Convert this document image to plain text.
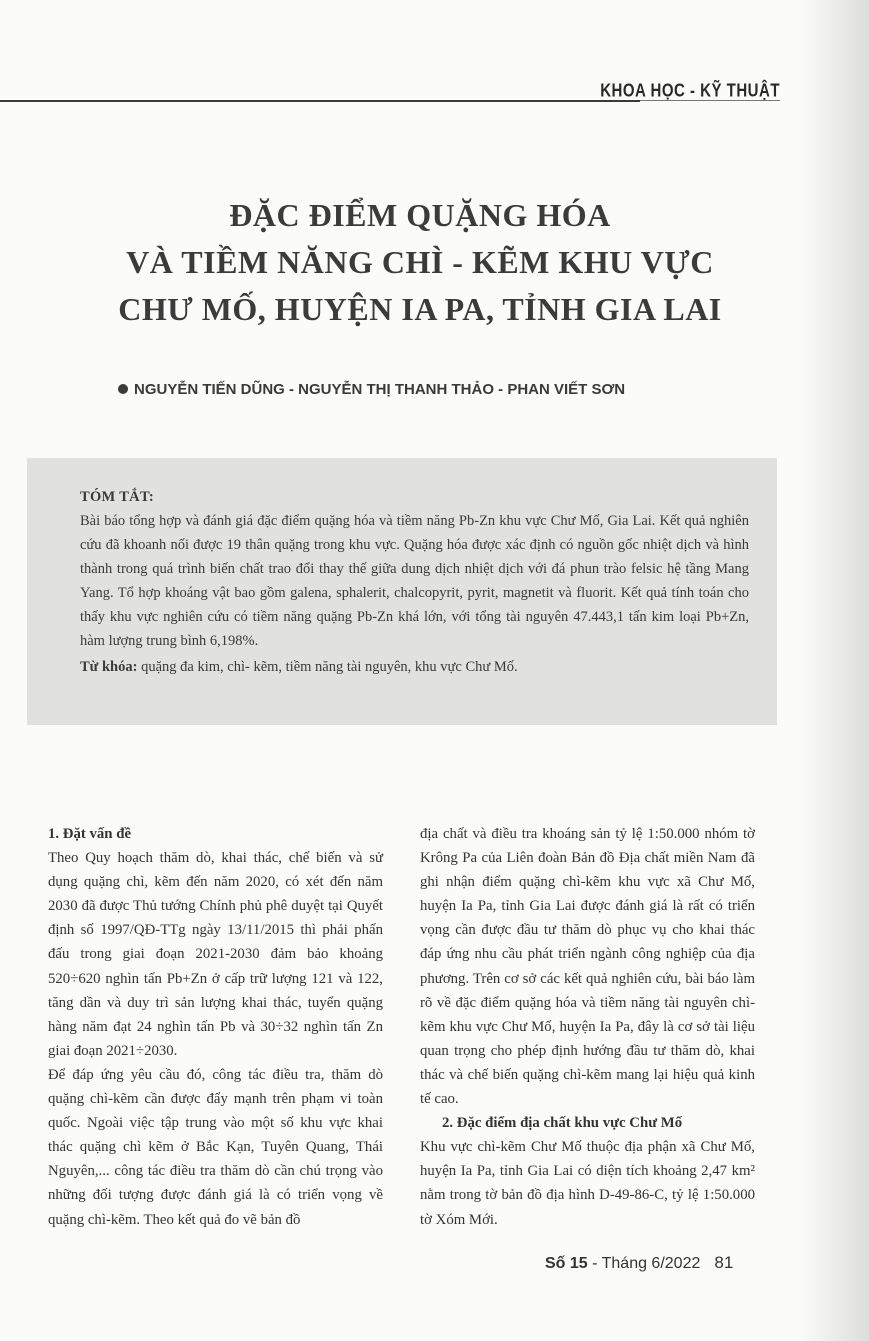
KHOA HỌC - KỸ THUẬT
ĐẶC ĐIỂM QUẶNG HÓA
VÀ TIỀM NĂNG CHÌ - KẼM KHU VỰC
CHƯ MỐ, HUYỆN IA PA, TỈNH GIA LAI
NGUYỄN TIẾN DŨNG - NGUYỄN THỊ THANH THẢO - PHAN VIẾT SƠN
TÓM TẮT:

Bài báo tổng hợp và đánh giá đặc điểm quặng hóa và tiềm năng Pb-Zn khu vực Chư Mố, Gia Lai. Kết quả nghiên cứu đã khoanh nối được 19 thân quặng trong khu vực. Quặng hóa được xác định có nguồn gốc nhiệt dịch và hình thành trong quá trình biến chất trao đổi thay thế giữa dung dịch nhiệt dịch với đá phun trào felsic hệ tầng Mang Yang. Tổ hợp khoáng vật bao gồm galena, sphalerit, chalcopyrit, pyrit, magnetit và fluorit. Kết quả tính toán cho thấy khu vực nghiên cứu có tiềm năng quặng Pb-Zn khá lớn, với tổng tài nguyên 47.443,1 tấn kim loại Pb+Zn, hàm lượng trung bình 6,198%.

Từ khóa: quặng đa kim, chì- kẽm, tiềm năng tài nguyên, khu vực Chư Mố.

1. Đặt vấn đề

Theo Quy hoạch thăm dò, khai thác, chế biến và sử dụng quặng chì, kẽm đến năm 2020, có xét đến năm 2030 đã được Thủ tướng Chính phủ phê duyệt tại Quyết định số 1997/QĐ-TTg ngày 13/11/2015 thì phải phấn đấu trong giai đoạn 2021-2030 đảm bảo khoảng 520÷620 nghìn tấn Pb+Zn ở cấp trữ lượng 121 và 122, tăng dần và duy trì sản lượng khai thác, tuyển quặng hàng năm đạt 24 nghìn tấn Pb và 30÷32 nghìn tấn Zn giai đoạn 2021÷2030.

Để đáp ứng yêu cầu đó, công tác điều tra, thăm dò quặng chì-kẽm cần được đẩy mạnh trên phạm vi toàn quốc. Ngoài việc tập trung vào một số khu vực khai thác quặng chì kẽm ở Bắc Kạn, Tuyên Quang, Thái Nguyên,... công tác điều tra thăm dò cần chú trọng vào những đối tượng được đánh giá là có triển vọng về quặng chì-kẽm. Theo kết quả đo vẽ bản đồ

địa chất và điều tra khoáng sản tỷ lệ 1:50.000 nhóm tờ Krông Pa của Liên đoàn Bản đồ Địa chất miền Nam đã ghi nhận điểm quặng chì-kẽm khu vực xã Chư Mố, huyện Ia Pa, tỉnh Gia Lai được đánh giá là rất có triển vọng cần được đầu tư thăm dò phục vụ cho khai thác đáp ứng nhu cầu phát triển ngành công nghiệp của địa phương. Trên cơ sở các kết quả nghiên cứu, bài báo làm rõ về đặc điểm quặng hóa và tiềm năng tài nguyên chì-kẽm khu vực Chư Mố, huyện Ia Pa, đây là cơ sở tài liệu quan trọng cho phép định hướng đầu tư thăm dò, khai thác và chế biến quặng chì-kẽm mang lại hiệu quả kinh tế cao.

2. Đặc điểm địa chất khu vực Chư Mố

Khu vực chì-kẽm Chư Mố thuộc địa phận xã Chư Mố, huyện Ia Pa, tỉnh Gia Lai có diện tích khoảng 2,47 km² nằm trong tờ bản đồ địa hình D-49-86-C, tỷ lệ 1:50.000 tờ Xóm Mới.

Số 15 - Tháng 6/2022 81
